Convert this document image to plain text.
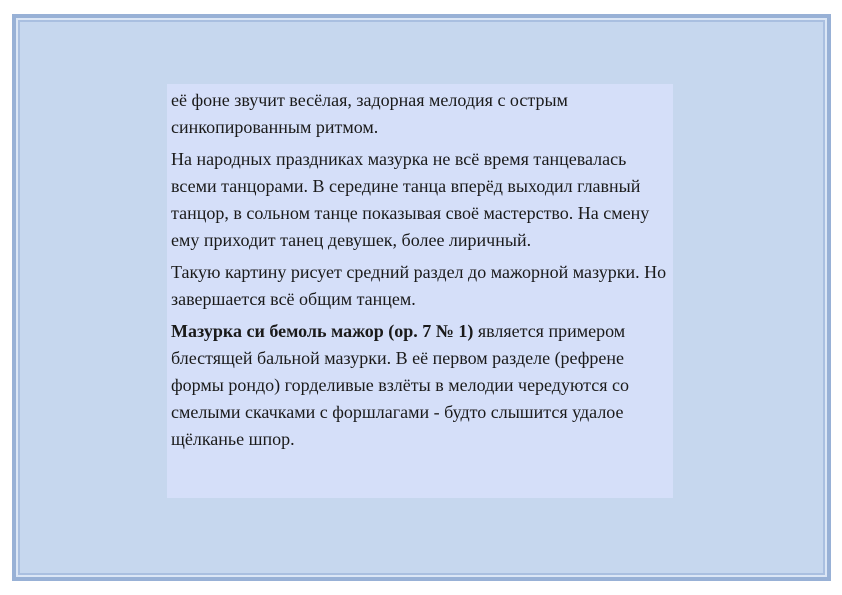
её фоне звучит весёлая, задорная мелодия с острым синкопированным ритмом.

На народных праздниках мазурка не всё время танцевалась всеми танцорами. В середине танца вперёд выходил главный танцор, в сольном танце показывая своё мастерство. На смену ему приходит танец девушек, более лиричный.

Такую картину рисует средний раздел до мажорной мазурки. Но завершается всё общим танцем.

Мазурка си бемоль мажор (ор. 7 № 1) является примером блестящей бальной мазурки. В её первом разделе (рефрене формы рондо) горделивые взлёты в мелодии чередуются со смелыми скачками с форшлагами - будто слышится удалое щёлканье шпор.
